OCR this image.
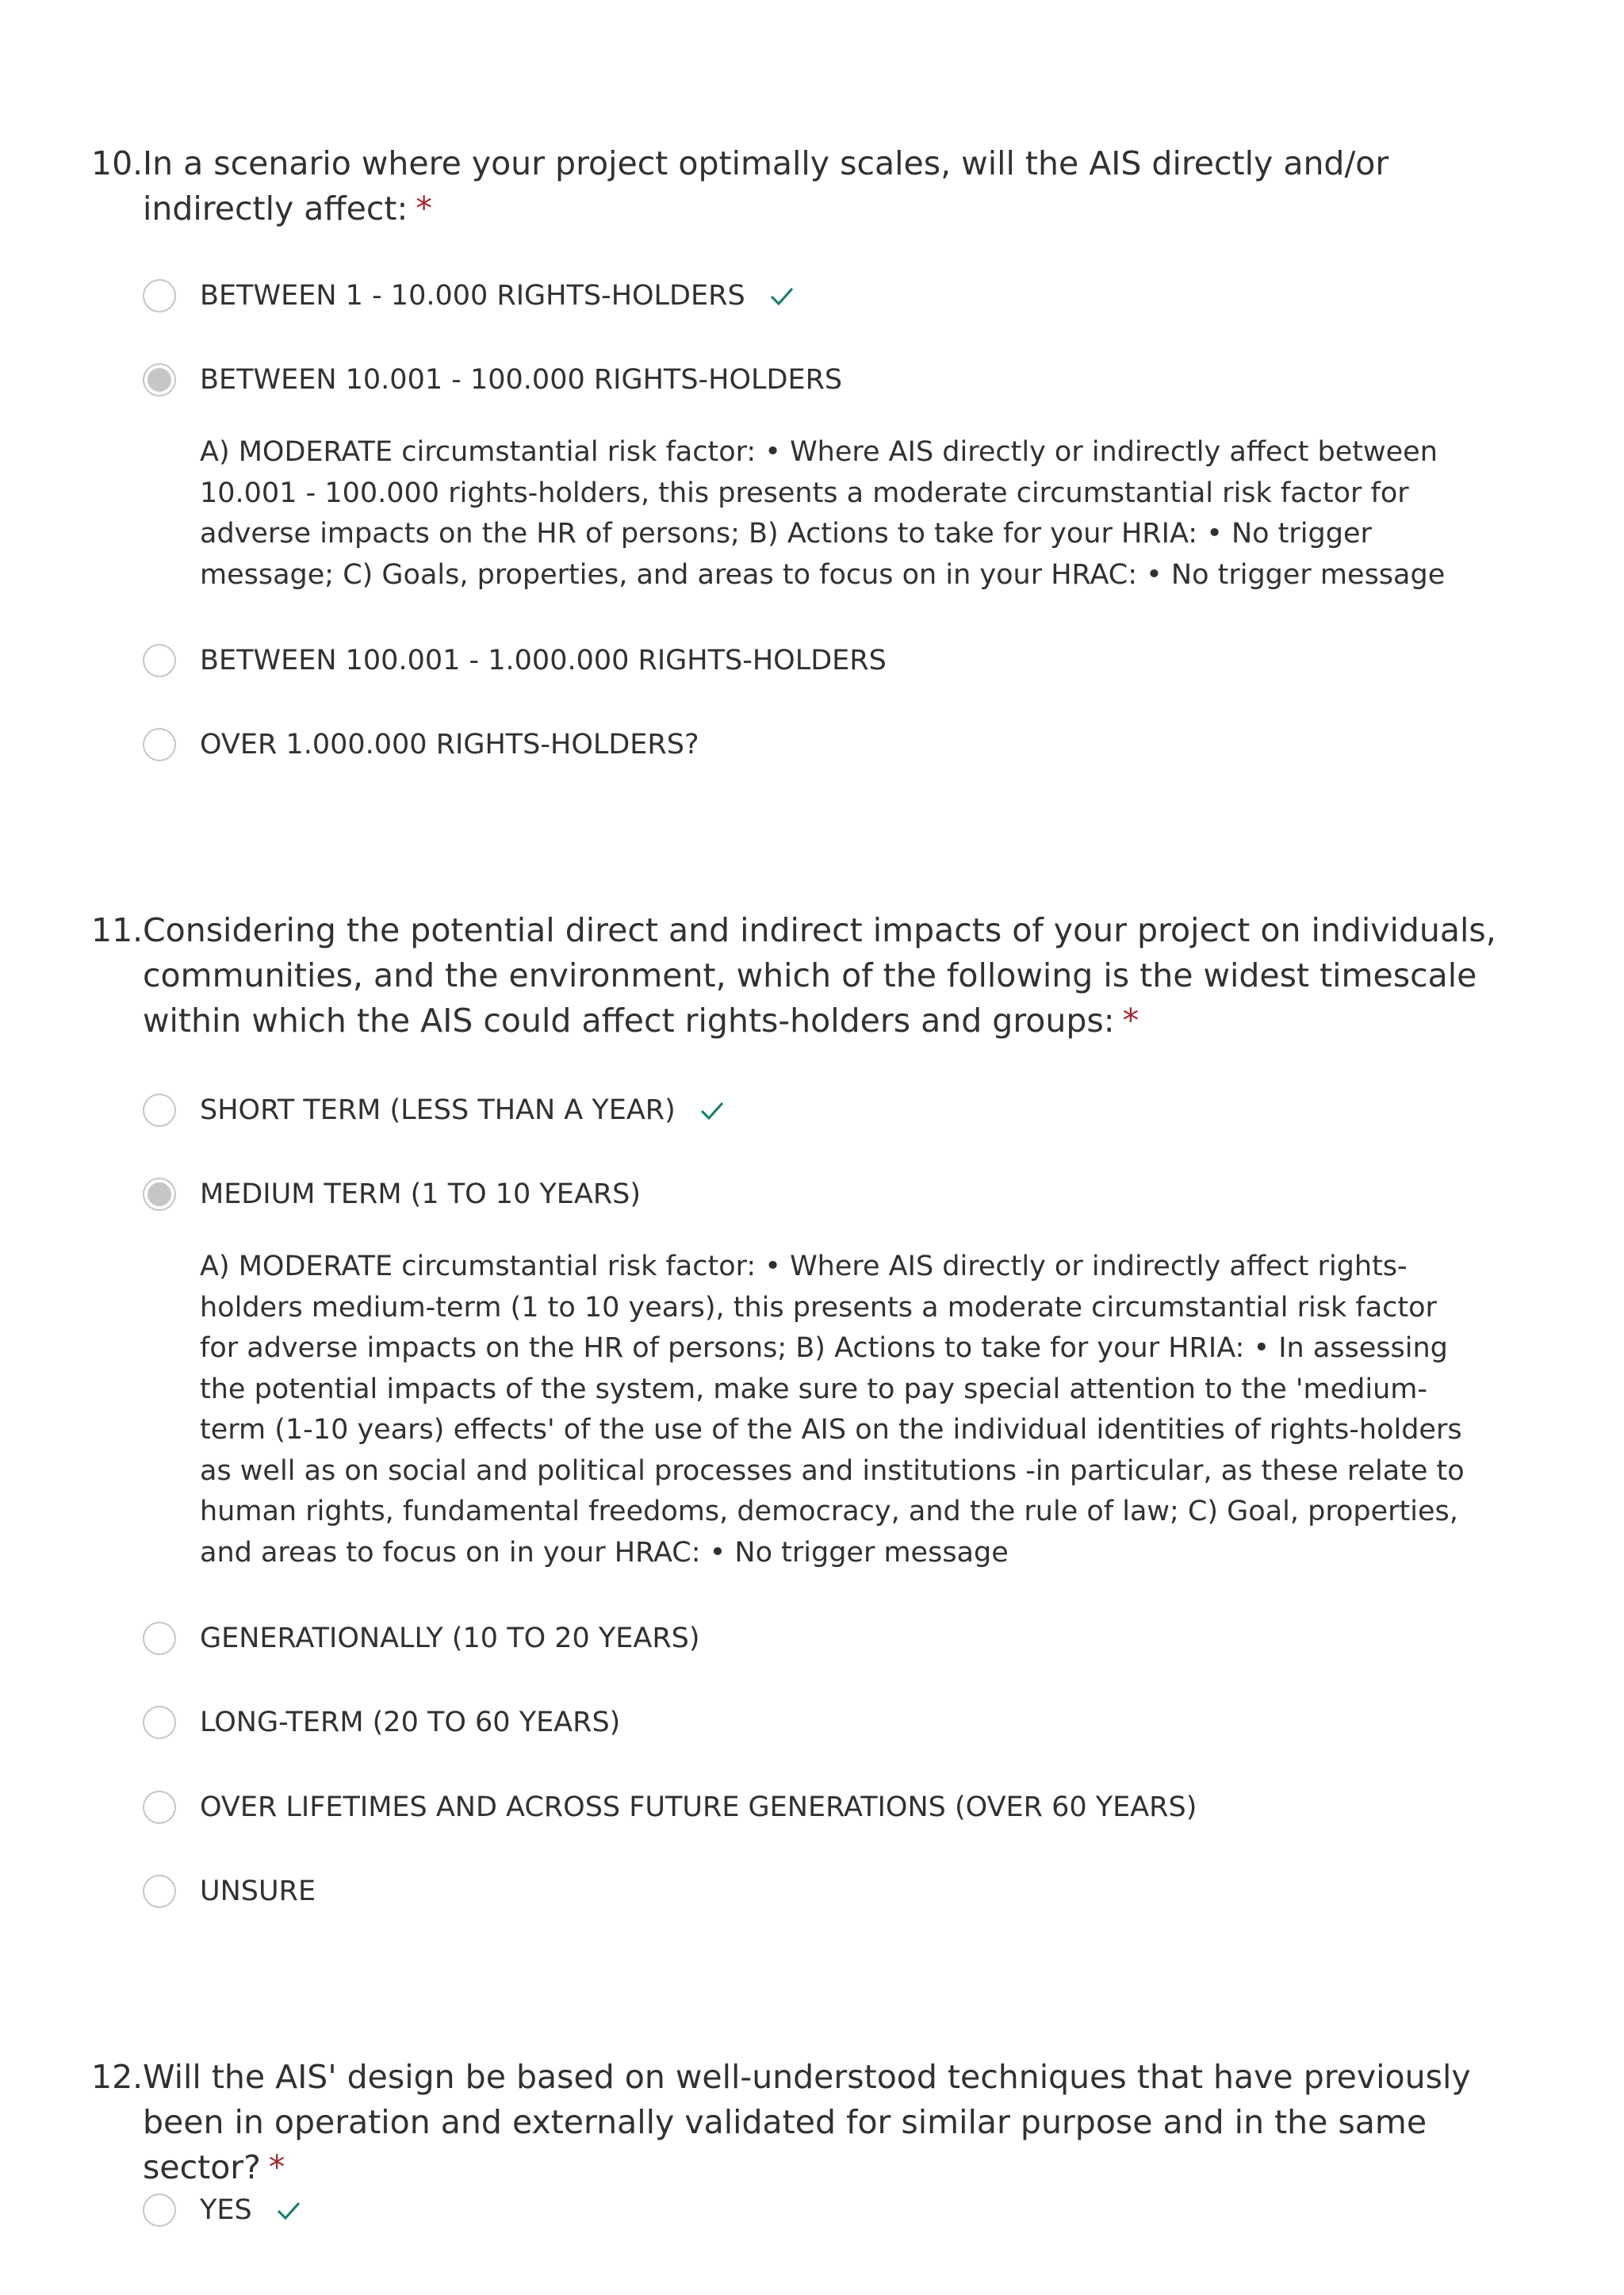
10. In a scenario where your project optimally scales, will the AIS directly and/or indirectly affect: *
BETWEEN 1 - 10.000 RIGHTS-HOLDERS
BETWEEN 10.001 - 100.000 RIGHTS-HOLDERS
A) MODERATE circumstantial risk factor: • Where AIS directly or indirectly affect between 10.001 - 100.000 rights-holders, this presents a moderate circumstantial risk factor for adverse impacts on the HR of persons; B) Actions to take for your HRIA: • No trigger message; C) Goals, properties, and areas to focus on in your HRAC: • No trigger message
BETWEEN 100.001 - 1.000.000 RIGHTS-HOLDERS
OVER 1.000.000 RIGHTS-HOLDERS?
11. Considering the potential direct and indirect impacts of your project on individuals, communities, and the environment, which of the following is the widest timescale within which the AIS could affect rights-holders and groups: *
SHORT TERM (LESS THAN A YEAR)
MEDIUM TERM (1 TO 10 YEARS)
A) MODERATE circumstantial risk factor: • Where AIS directly or indirectly affect rights-holders medium-term (1 to 10 years), this presents a moderate circumstantial risk factor for adverse impacts on the HR of persons; B) Actions to take for your HRIA: • In assessing the potential impacts of the system, make sure to pay special attention to the 'medium-term (1-10 years) effects' of the use of the AIS on the individual identities of rights-holders as well as on social and political processes and institutions -in particular, as these relate to human rights, fundamental freedoms, democracy, and the rule of law; C) Goal, properties, and areas to focus on in your HRAC: • No trigger message
GENERATIONALLY (10 TO 20 YEARS)
LONG-TERM (20 TO 60 YEARS)
OVER LIFETIMES AND ACROSS FUTURE GENERATIONS (OVER 60 YEARS)
UNSURE
12. Will the AIS' design be based on well-understood techniques that have previously been in operation and externally validated for similar purpose and in the same sector? *
YES
